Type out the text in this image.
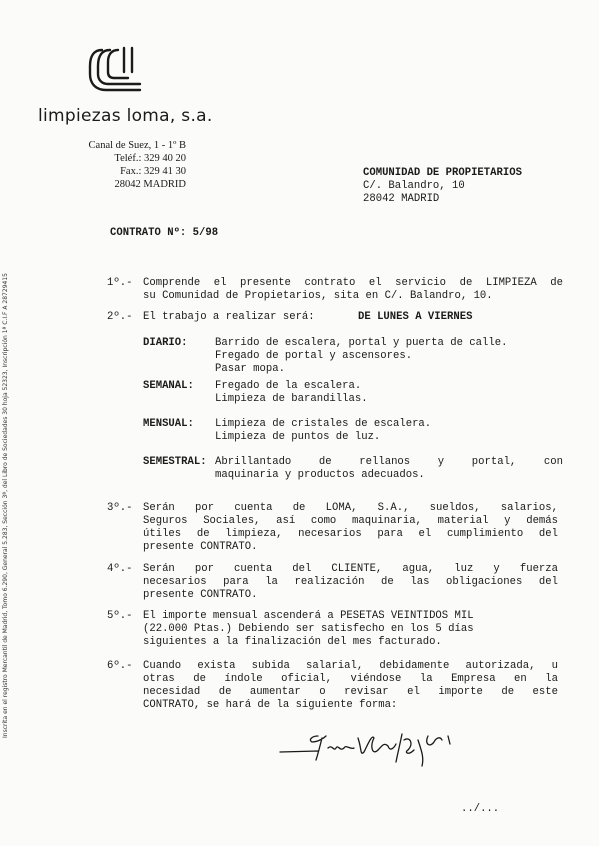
limpiezas loma, s.a.
Canal de Suez, 1 - 1º B
Teléf.: 329 40 20
Fax.: 329 41 30
28042 MADRID
COMUNIDAD DE PROPIETARIOS
C/. Balandro, 10
28042 MADRID
CONTRATO Nº: 5/98
Inscrita en el registro Mercantil de Madrid, Tomo 6.290, General 5.283, Sección 3ª, del Libro de Sociedades 30 hoja 52323, Inscripción 1ª C.I.F A 28729415	1º.- Comprende el presente contrato el servicio de LIMPIEZA de
su Comunidad de Propietarios, sita en C/. Balandro, 10.
2º.- El trabajo a realizar será:	DE LUNES A VIERNES
DIARIO:	Barrido de escalera, portal y puerta de calle.
Fregado de portal y ascensores.
Pasar mopa.
SEMANAL: Fregado de la escalera.
Limpieza de barandillas.
MENSUAL: Limpieza de cristales de escalera.
Limpieza de puntos de luz.
SEMESTRAL: Abrillantado de rellanos y portal, con
maquinaria y productos adecuados.
3º.- Serán por cuenta de LOMA, S.A., sueldos, salarios,
Seguros Sociales, así como maquinaria, material y demás
útiles de limpieza, necesarios para el cumplimiento del
presente CONTRATO.
4º.- Serán por cuenta del CLIENTE, agua, luz y fuerza
necesarios para la realización de las obligaciones del
presente CONTRATO.
5º.- El importe mensual ascenderá a PESETAS VEINTIDOS MIL
(22.000 Ptas.) Debiendo ser satisfecho en los 5 días
siguientes a la finalización del mes facturado.
6º.- Cuando exista subida salarial, debidamente autorizada, u
otras de índole oficial, viéndose la Empresa en la
necesidad de aumentar o revisar el importe de este
CONTRATO, se hará de la siguiente forma:
../...
